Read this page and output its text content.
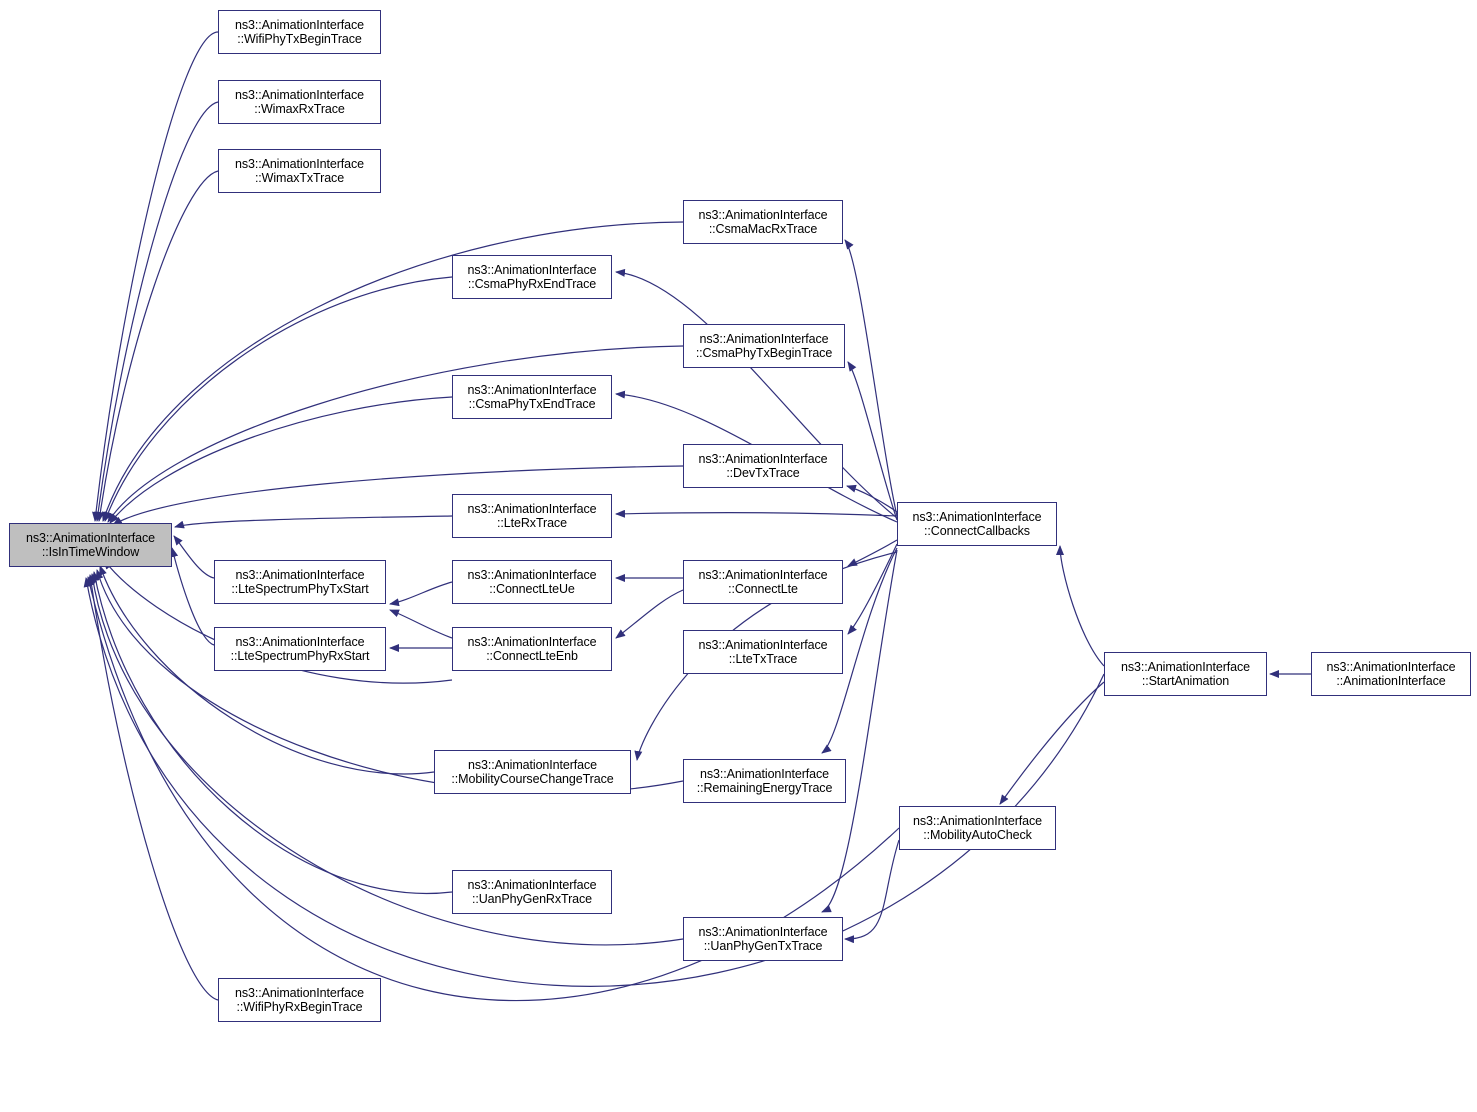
ns3::AnimationInterface
::IsInTimeWindow
ns3::AnimationInterface
::WifiPhyTxBeginTrace
ns3::AnimationInterface
::WimaxRxTrace
ns3::AnimationInterface
::WimaxTxTrace
ns3::AnimationInterface
::CsmaMacRxTrace
ns3::AnimationInterface
::CsmaPhyRxEndTrace
ns3::AnimationInterface
::CsmaPhyTxBeginTrace
ns3::AnimationInterface
::CsmaPhyTxEndTrace
ns3::AnimationInterface
::DevTxTrace
ns3::AnimationInterface
::LteRxTrace	ns3::AnimationInterface
::ConnectCallbacks
ns3::AnimationInterface
::LteSpectrumPhyTxStart
ns3::AnimationInterface
::ConnectLteUe
ns3::AnimationInterface
::ConnectLte
ns3::AnimationInterface
::LteSpectrumPhyRxStart
ns3::AnimationInterface
::ConnectLteEnb
ns3::AnimationInterface
::LteTxTrace
ns3::AnimationInterface
::StartAnimation
ns3::AnimationInterface
::AnimationInterface
ns3::AnimationInterface
::MobilityCourseChangeTrace	ns3::AnimationInterface
::RemainingEnergyTrace
ns3::AnimationInterface
::MobilityAutoCheck
ns3::AnimationInterface
::UanPhyGenRxTrace
ns3::AnimationInterface
::UanPhyGenTxTrace
ns3::AnimationInterface
::WifiPhyRxBeginTrace
